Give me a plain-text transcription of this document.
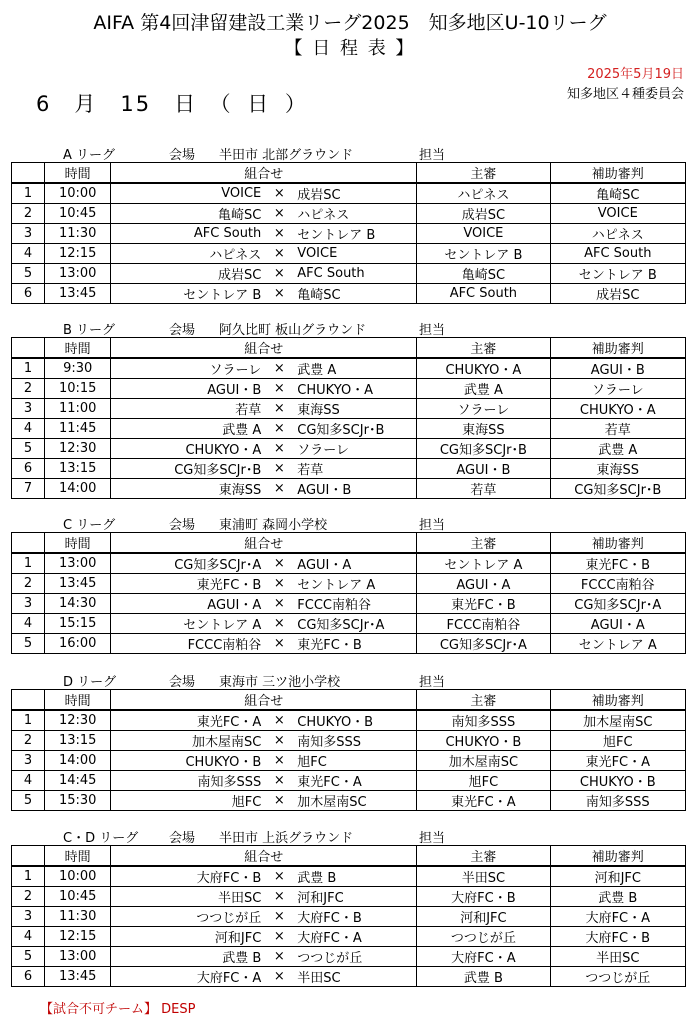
AIFA 第4回津留建設工業リーグ2025　知多地区U-10リーグ
【 日 程 表 】
2025年5月19日
知多地区４種委員会
6　月　15　日　（ 日 ）
A リーグ	会場 半田市 北部グラウンド	担当
	時間	組合せ	主審	補助審判
1	10:00	VOICE × 成岩SC	ハピネス	亀崎SC
2	10:45	亀崎SC × ハピネス	成岩SC	VOICE
3	11:30	AFC South × セントレア B	VOICE	ハピネス
4	12:15	ハピネス × VOICE	セントレア B	AFC South
5	13:00	成岩SC × AFC South	亀崎SC	セントレア B
6	13:45	セントレア B × 亀崎SC	AFC South	成岩SC
B リーグ	会場 阿久比町 板山グラウンド	担当
	時間	組合せ	主審	補助審判
1	9:30	ソラーレ × 武豊 A	CHUKYO・A	AGUI・B
2	10:15	AGUI・B × CHUKYO・A	武豊 A	ソラーレ
3	11:00	若草 × 東海SS	ソラーレ	CHUKYO・A
4	11:45	武豊 A × CG知多SCJr･B	東海SS	若草
5	12:30	CHUKYO・A × ソラーレ	CG知多SCJr･B	武豊 A
6	13:15	CG知多SCJr･B × 若草	AGUI・B	東海SS
7	14:00	東海SS × AGUI・B	若草	CG知多SCJr･B
C リーグ	会場 東浦町 森岡小学校	担当
	時間	組合せ	主審	補助審判
1	13:00	CG知多SCJr･A × AGUI・A	セントレア A	東光FC・B
2	13:45	東光FC・B × セントレア A	AGUI・A	FCCC南粕谷
3	14:30	AGUI・A × FCCC南粕谷	東光FC・B	CG知多SCJr･A
4	15:15	セントレア A × CG知多SCJr･A	FCCC南粕谷	AGUI・A
5	16:00	FCCC南粕谷 × 東光FC・B	CG知多SCJr･A	セントレア A
D リーグ	会場 東海市 三ツ池小学校	担当
	時間	組合せ	主審	補助審判
1	12:30	東光FC・A × CHUKYO・B	南知多SSS	加木屋南SC
2	13:15	加木屋南SC × 南知多SSS	CHUKYO・B	旭FC
3	14:00	CHUKYO・B × 旭FC	加木屋南SC	東光FC・A
4	14:45	南知多SSS × 東光FC・A	旭FC	CHUKYO・B
5	15:30	旭FC × 加木屋南SC	東光FC・A	南知多SSS
C・D リーグ 会場 半田市 上浜グラウンド	担当
	時間	組合せ	主審	補助審判
1	10:00	大府FC・B × 武豊 B	半田SC	河和JFC
2	10:45	半田SC × 河和JFC	大府FC・B	武豊 B
3	11:30	つつじが丘 × 大府FC・B	河和JFC	大府FC・A
4	12:15	河和JFC × 大府FC・A	つつじが丘	大府FC・B
5	13:00	武豊 B × つつじが丘	大府FC・A	半田SC
6	13:45	大府FC・A × 半田SC	武豊 B	つつじが丘
【試合不可チーム】 DESP
